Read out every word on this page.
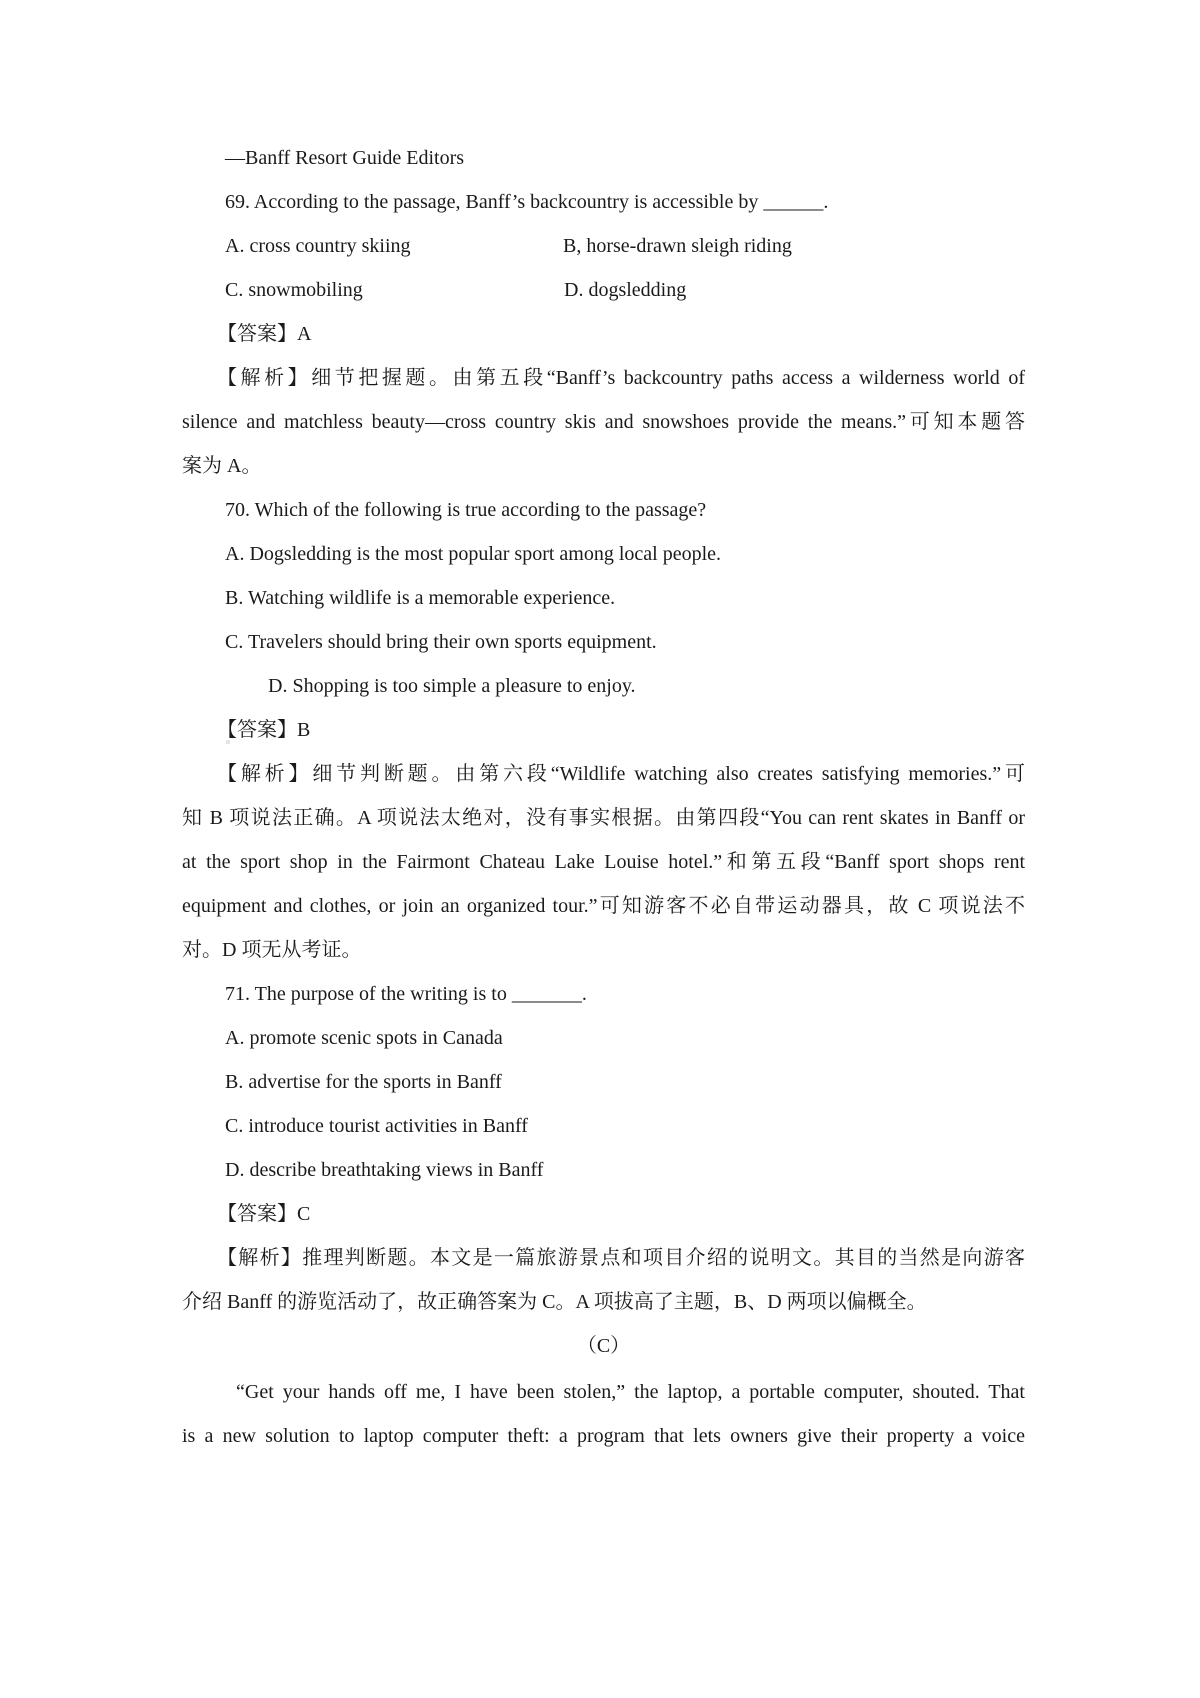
—Banff Resort Guide Editors
69. According to the passage, Banff’s backcountry is accessible by ______.
A. cross country skiing	B, horse-drawn sleigh riding
C. snowmobiling	D. dogsledding
【答案】A
【解析】细节把握题。由第五段“Banff’s backcountry paths access a wilderness world of
silence and matchless beauty—cross country skis and snowshoes provide the means.”可知本题答
案为 A。
70. Which of the following is true according to the passage?
A. Dogsledding is the most popular sport among local people.
B. Watching wildlife is a memorable experience.
C. Travelers should bring their own sports equipment.
D. Shopping is too simple a pleasure to enjoy.
【答案】B
【解析】细节判断题。由第六段“Wildlife watching also creates satisfying memories.”可
知 B 项说法正确。A 项说法太绝对，没有事实根据。由第四段“You can rent skates in Banff or
at the sport shop in the Fairmont Chateau Lake Louise hotel.”和第五段“Banff sport shops rent
equipment and clothes, or join an organized tour.”可知游客不必自带运动器具，故 C 项说法不
对。D 项无从考证。
71. The purpose of the writing is to _______.
A. promote scenic spots in Canada
B. advertise for the sports in Banff
C. introduce tourist activities in Banff
D. describe breathtaking views in Banff
【答案】C
【解析】推理判断题。本文是一篇旅游景点和项目介绍的说明文。其目的当然是向游客
介绍 Banff 的游览活动了，故正确答案为 C。A 项拔高了主题，B、D 两项以偏概全。
（C）
“Get your hands off me, I have been stolen,” the laptop, a portable computer, shouted. That
is a new solution to laptop computer theft: a program that lets owners give their property a voice
